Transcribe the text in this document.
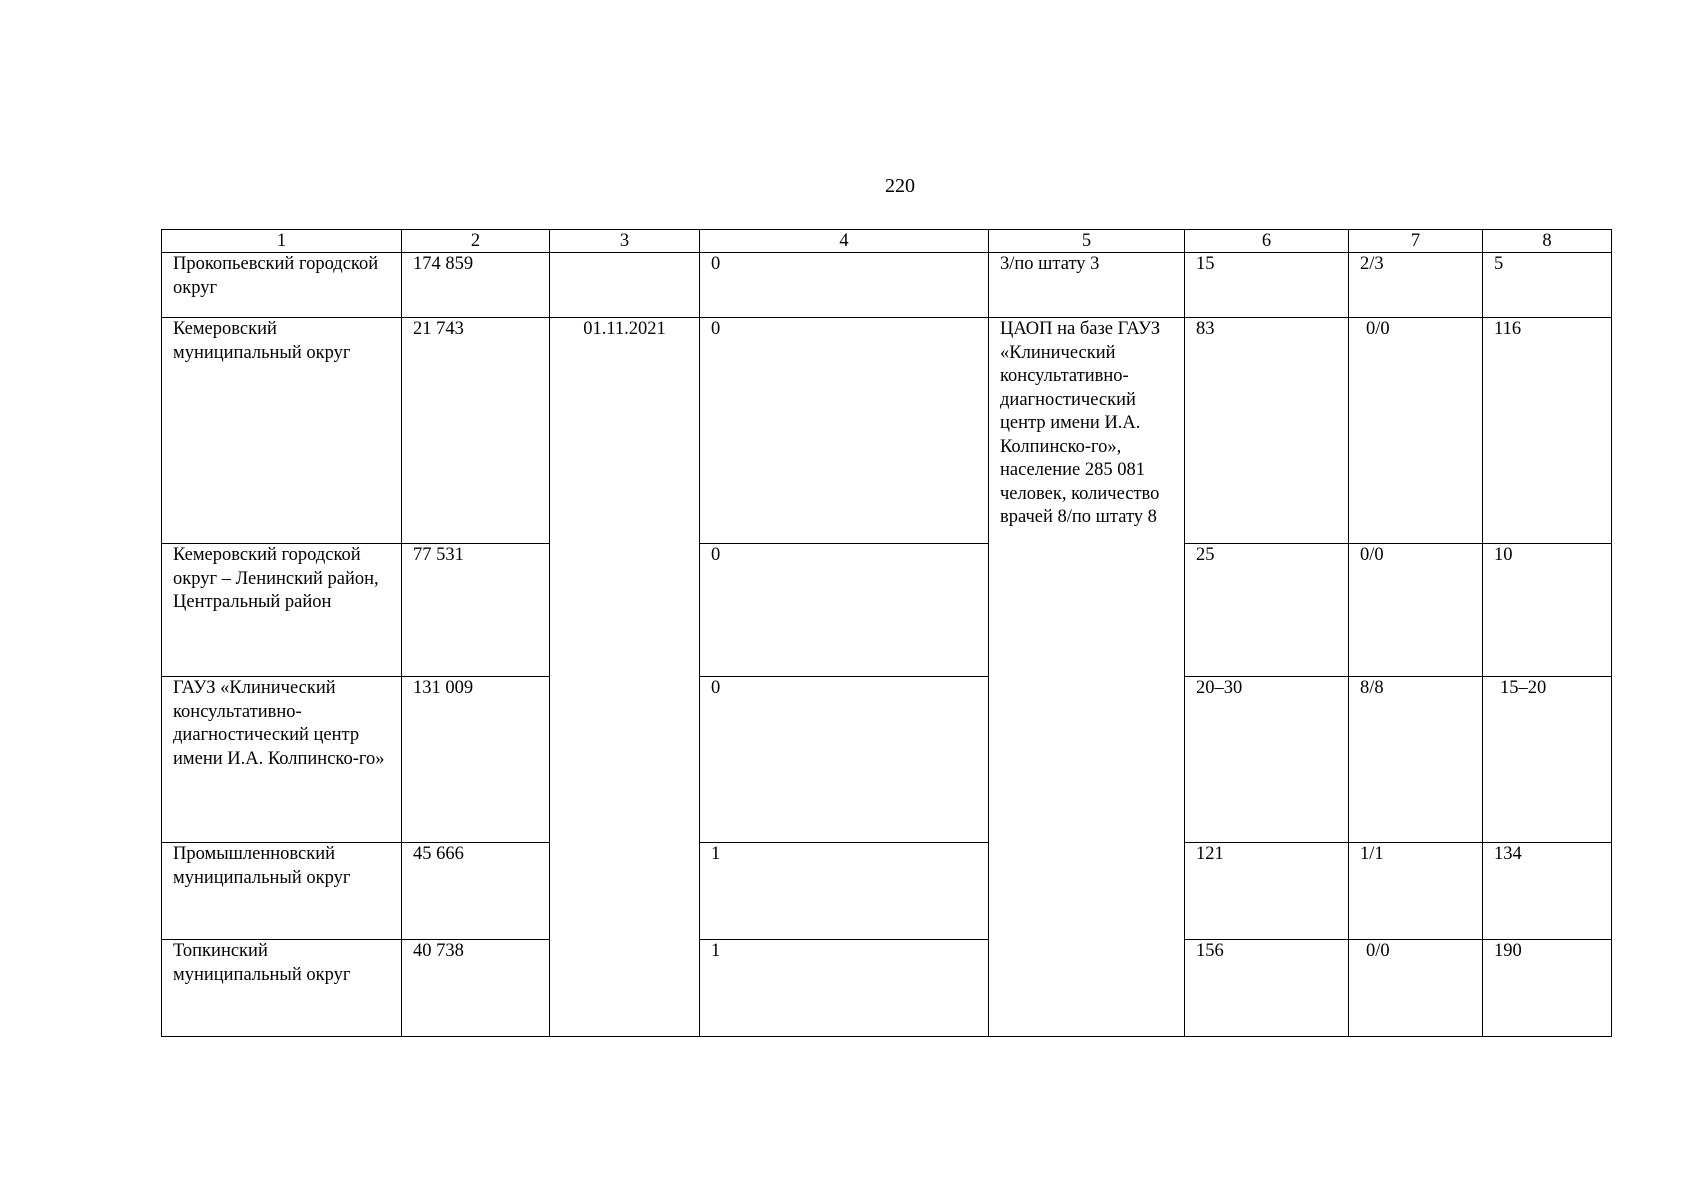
220
1	2	3	4	5	6	7	8
Прокопьевский городской округ	174 859		0	3/по штату 3	15	2/3	5
Кемеровский муниципальный округ	21 743	01.11.2021	0	ЦАОП на базе ГАУЗ «Клинический консультативно-диагностический центр имени И.А. Колпинско-го», население 285 081 человек, количество врачей 8/по штату 8	83	0/0	116
Кемеровский городской округ – Ленинский район, Центральный район	77 531		0		25	0/0	10
ГАУЗ «Клинический консультативно-диагностический центр имени И.А. Колпинско-го»	131 009		0		20–30	8/8	15–20
Промышленновский муниципальный округ	45 666		1		121	1/1	134
Топкинский муниципальный округ	40 738		1		156	0/0	190
